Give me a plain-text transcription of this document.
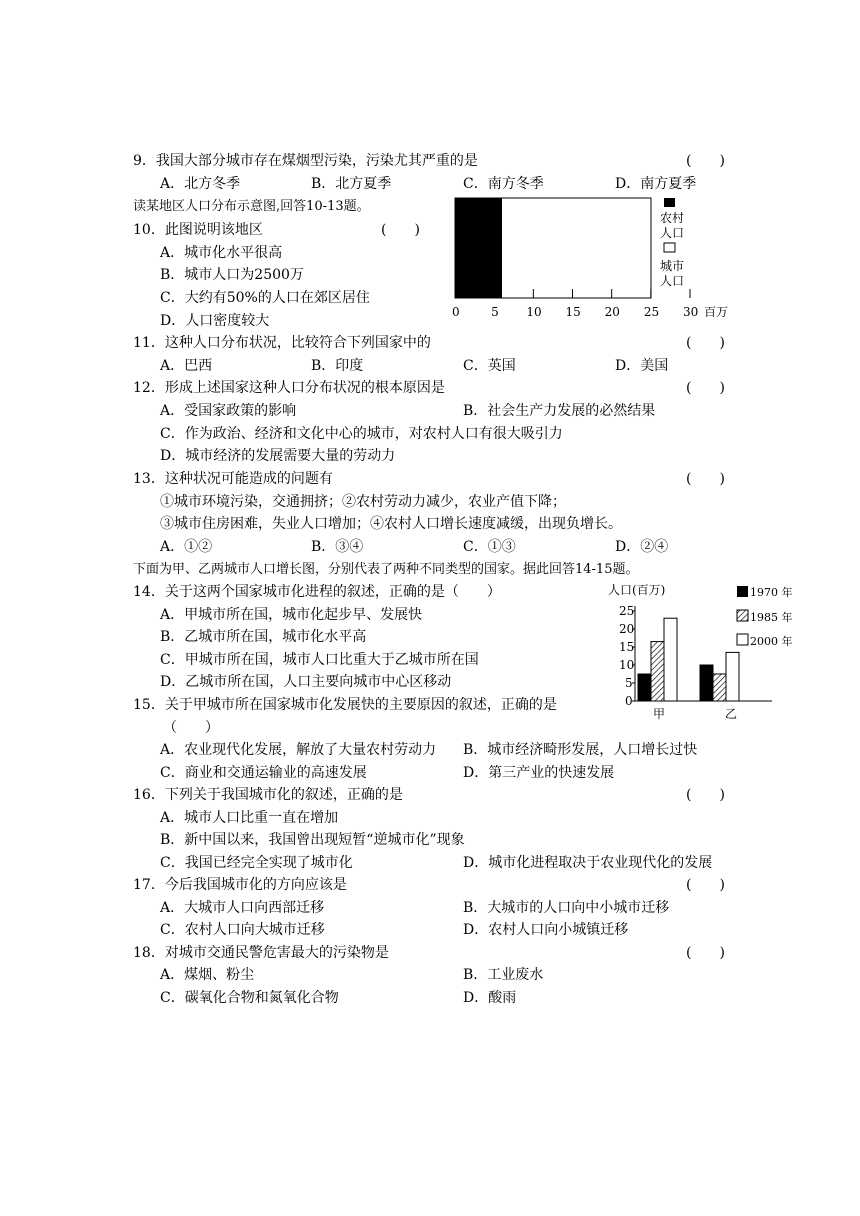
9．我国大部分城市存在煤烟型污染，污染尤其严重的是	(　　)
A．北方冬季	B．北方夏季	C．南方冬季	D．南方夏季
读某地区人口分布示意图,回答10-13题。
10．此图说明该地区	(　　)
A．城市化水平很高
B．城市人口为2500万
C．大约有50%的人口在郊区居住
D．人口密度较大
0	5 10 15 20 25 30
农村
人口
城市
人口
百万
11．这种人口分布状况，比较符合下列国家中的	(　　)
A．巴西	B．印度	C．英国	D．美国
12．形成上述国家这种人口分布状况的根本原因是	(　　)
A．受国家政策的影响	B．社会生产力发展的必然结果
C．作为政治、经济和文化中心的城市，对农村人口有很大吸引力
D．城市经济的发展需要大量的劳动力
13．这种状况可能造成的问题有	(　　)
①城市环境污染，交通拥挤；②农村劳动力减少，农业产值下降；
③城市住房困难，失业人口增加；④农村人口增长速度减缓，出现负增长。
A．①②	B．③④	C．①③	D．②④
下面为甲、乙两城市人口增长图，分别代表了两种不同类型的国家。据此回答14-15题。
14．关于这两个国家城市化进程的叙述，正确的是（　　）
A．甲城市所在国，城市化起步早、发展快
B．乙城市所在国，城市化水平高
C．甲城市所在国，城市人口比重大于乙城市所在国
D．乙城市所在国，人口主要向城市中心区移动
人口(百万)
0
5
10
15
20
25
甲	乙
1970 年
1985 年
2000 年
15．关于甲城市所在国家城市化发展快的主要原因的叙述，正确的是
（　　）
A．农业现代化发展，解放了大量农村劳动力 B．城市经济畸形发展，人口增长过快
C．商业和交通运输业的高速发展	D．第三产业的快速发展
16．下列关于我国城市化的叙述，正确的是	(　　)
A．城市人口比重一直在增加
B．新中国以来，我国曾出现短暂“逆城市化”现象
C．我国已经完全实现了城市化	D．城市化进程取决于农业现代化的发展
17．今后我国城市化的方向应该是	(　　)
A．大城市人口向西部迁移	B．大城市的人口向中小城市迁移
C．农村人口向大城市迁移	D．农村人口向小城镇迁移
18．对城市交通民警危害最大的污染物是	(　　)
A．煤烟、粉尘	B．工业废水
C．碳氧化合物和氮氧化合物	D．酸雨
